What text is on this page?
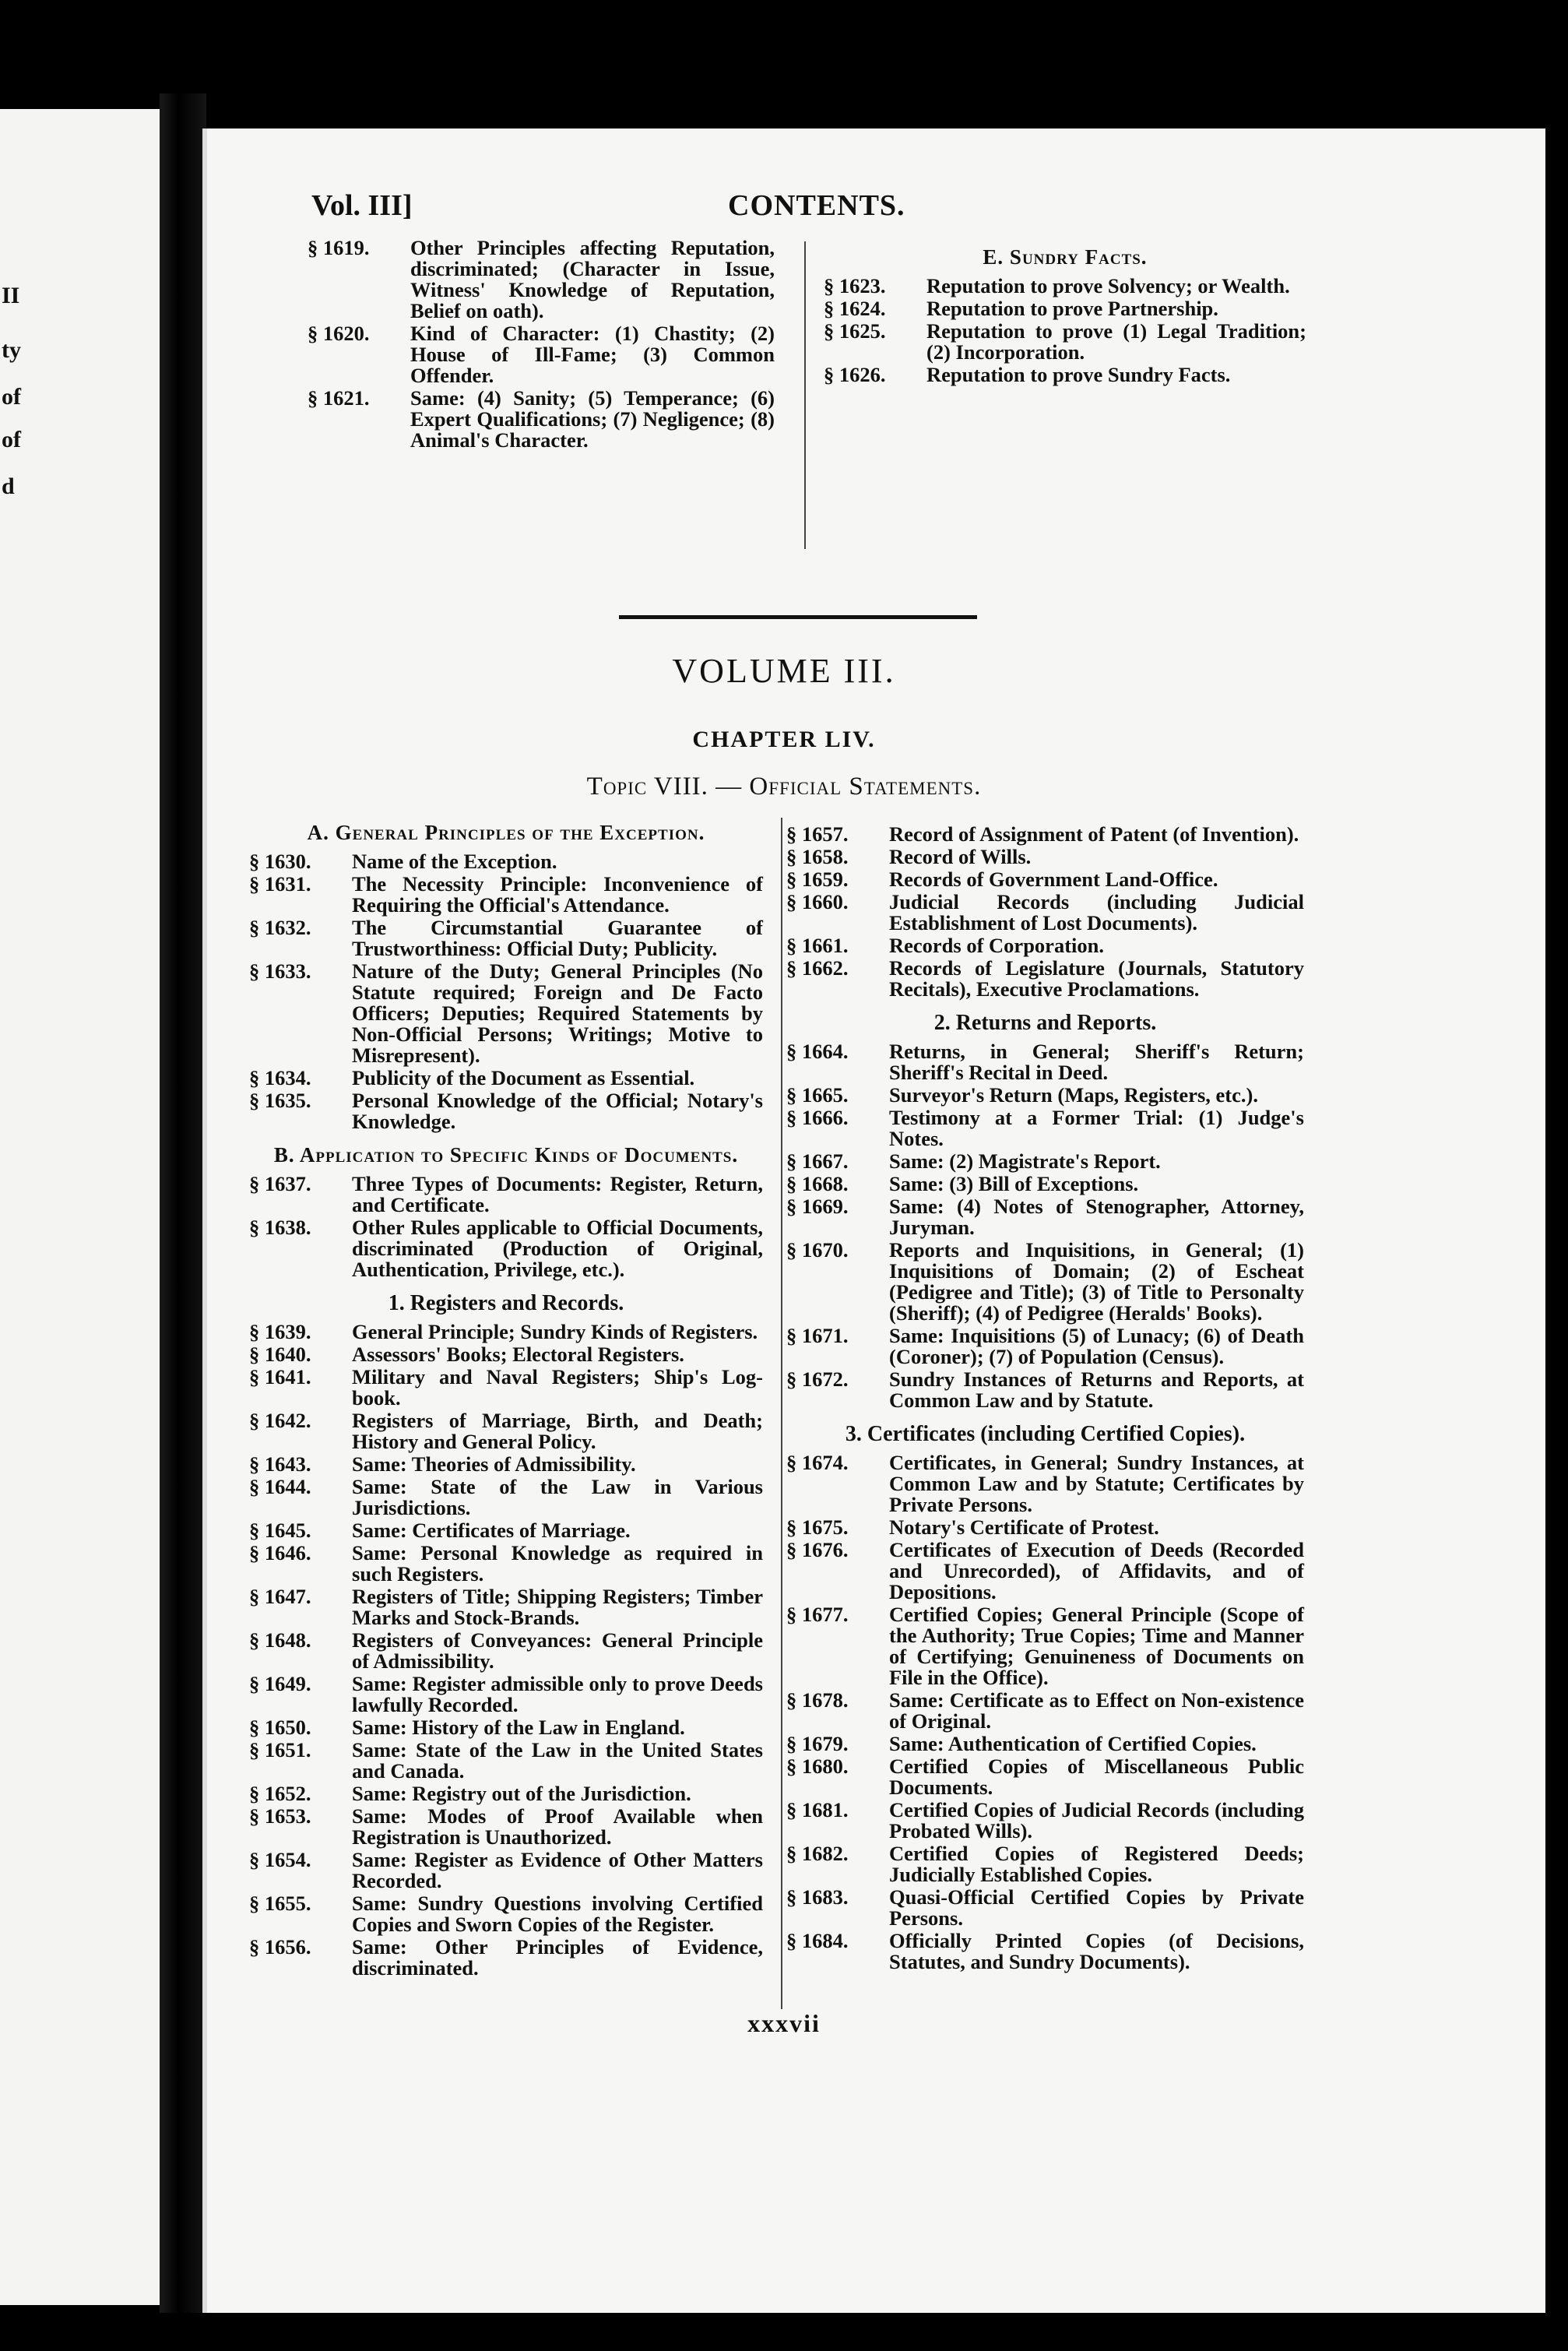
II
ty
of
of
d
Vol. III]	CONTENTS.
§ 1619.	Other Principles affecting Reputation, discriminated; (Character in Issue, Witness' Knowledge of Reputation, Belief on oath).
§ 1620.	Kind of Character: (1) Chastity; (2) House of Ill-Fame; (3) Common Offender.
§ 1621.	Same: (4) Sanity; (5) Temperance; (6) Expert Qualifications; (7) Negligence; (8) Animal's Character.
E. Sundry Facts.
§ 1623.	Reputation to prove Solvency; or Wealth.
§ 1624.	Reputation to prove Partnership.
§ 1625.	Reputation to prove (1) Legal Tradition; (2) Incorporation.
§ 1626.	Reputation to prove Sundry Facts.
VOLUME III.
CHAPTER LIV.
Topic VIII. — Official Statements.
A. General Principles of the Exception.
§ 1630.	Name of the Exception.
§ 1631.	The Necessity Principle: Inconvenience of Requiring the Official's Attendance.
§ 1632.	The Circumstantial Guarantee of Trustworthiness: Official Duty; Publicity.
§ 1633.	Nature of the Duty; General Principles (No Statute required; Foreign and De Facto Officers; Deputies; Required Statements by Non-Official Persons; Writings; Motive to Misrepresent).
§ 1634.	Publicity of the Document as Essential.
§ 1635.	Personal Knowledge of the Official; Notary's Knowledge.
B. Application to Specific Kinds of Documents.
§ 1637.	Three Types of Documents: Register, Return, and Certificate.
§ 1638.	Other Rules applicable to Official Documents, discriminated (Production of Original, Authentication, Privilege, etc.).
1. Registers and Records.
§ 1639.	General Principle; Sundry Kinds of Registers.
§ 1640.	Assessors' Books; Electoral Registers.
§ 1641.	Military and Naval Registers; Ship's Log-book.
§ 1642.	Registers of Marriage, Birth, and Death; History and General Policy.
§ 1643.	Same: Theories of Admissibility.
§ 1644.	Same: State of the Law in Various Jurisdictions.
§ 1645.	Same: Certificates of Marriage.
§ 1646.	Same: Personal Knowledge as required in such Registers.
§ 1647.	Registers of Title; Shipping Registers; Timber Marks and Stock-Brands.
§ 1648.	Registers of Conveyances: General Principle of Admissibility.
§ 1649.	Same: Register admissible only to prove Deeds lawfully Recorded.
§ 1650.	Same: History of the Law in England.
§ 1651.	Same: State of the Law in the United States and Canada.
§ 1652.	Same: Registry out of the Jurisdiction.
§ 1653.	Same: Modes of Proof Available when Registration is Unauthorized.
§ 1654.	Same: Register as Evidence of Other Matters Recorded.
§ 1655.	Same: Sundry Questions involving Certified Copies and Sworn Copies of the Register.
§ 1656.	Same: Other Principles of Evidence, discriminated.
§ 1657.	Record of Assignment of Patent (of Invention).
§ 1658.	Record of Wills.
§ 1659.	Records of Government Land-Office.
§ 1660.	Judicial Records (including Judicial Establishment of Lost Documents).
§ 1661.	Records of Corporation.
§ 1662.	Records of Legislature (Journals, Statutory Recitals), Executive Proclamations.
2. Returns and Reports.
§ 1664.	Returns, in General; Sheriff's Return; Sheriff's Recital in Deed.
§ 1665.	Surveyor's Return (Maps, Registers, etc.).
§ 1666.	Testimony at a Former Trial: (1) Judge's Notes.
§ 1667.	Same: (2) Magistrate's Report.
§ 1668.	Same: (3) Bill of Exceptions.
§ 1669.	Same: (4) Notes of Stenographer, Attorney, Juryman.
§ 1670.	Reports and Inquisitions, in General; (1) Inquisitions of Domain; (2) of Escheat (Pedigree and Title); (3) of Title to Personalty (Sheriff); (4) of Pedigree (Heralds' Books).
§ 1671.	Same: Inquisitions (5) of Lunacy; (6) of Death (Coroner); (7) of Population (Census).
§ 1672.	Sundry Instances of Returns and Reports, at Common Law and by Statute.
3. Certificates (including Certified Copies).
§ 1674.	Certificates, in General; Sundry Instances, at Common Law and by Statute; Certificates by Private Persons.
§ 1675.	Notary's Certificate of Protest.
§ 1676.	Certificates of Execution of Deeds (Recorded and Unrecorded), of Affidavits, and of Depositions.
§ 1677.	Certified Copies; General Principle (Scope of the Authority; True Copies; Time and Manner of Certifying; Genuineness of Documents on File in the Office).
§ 1678.	Same: Certificate as to Effect on Non-existence of Original.
§ 1679.	Same: Authentication of Certified Copies.
§ 1680.	Certified Copies of Miscellaneous Public Documents.
§ 1681.	Certified Copies of Judicial Records (including Probated Wills).
§ 1682.	Certified Copies of Registered Deeds; Judicially Established Copies.
§ 1683.	Quasi-Official Certified Copies by Private Persons.
§ 1684.	Officially Printed Copies (of Decisions, Statutes, and Sundry Documents).
xxxvii
